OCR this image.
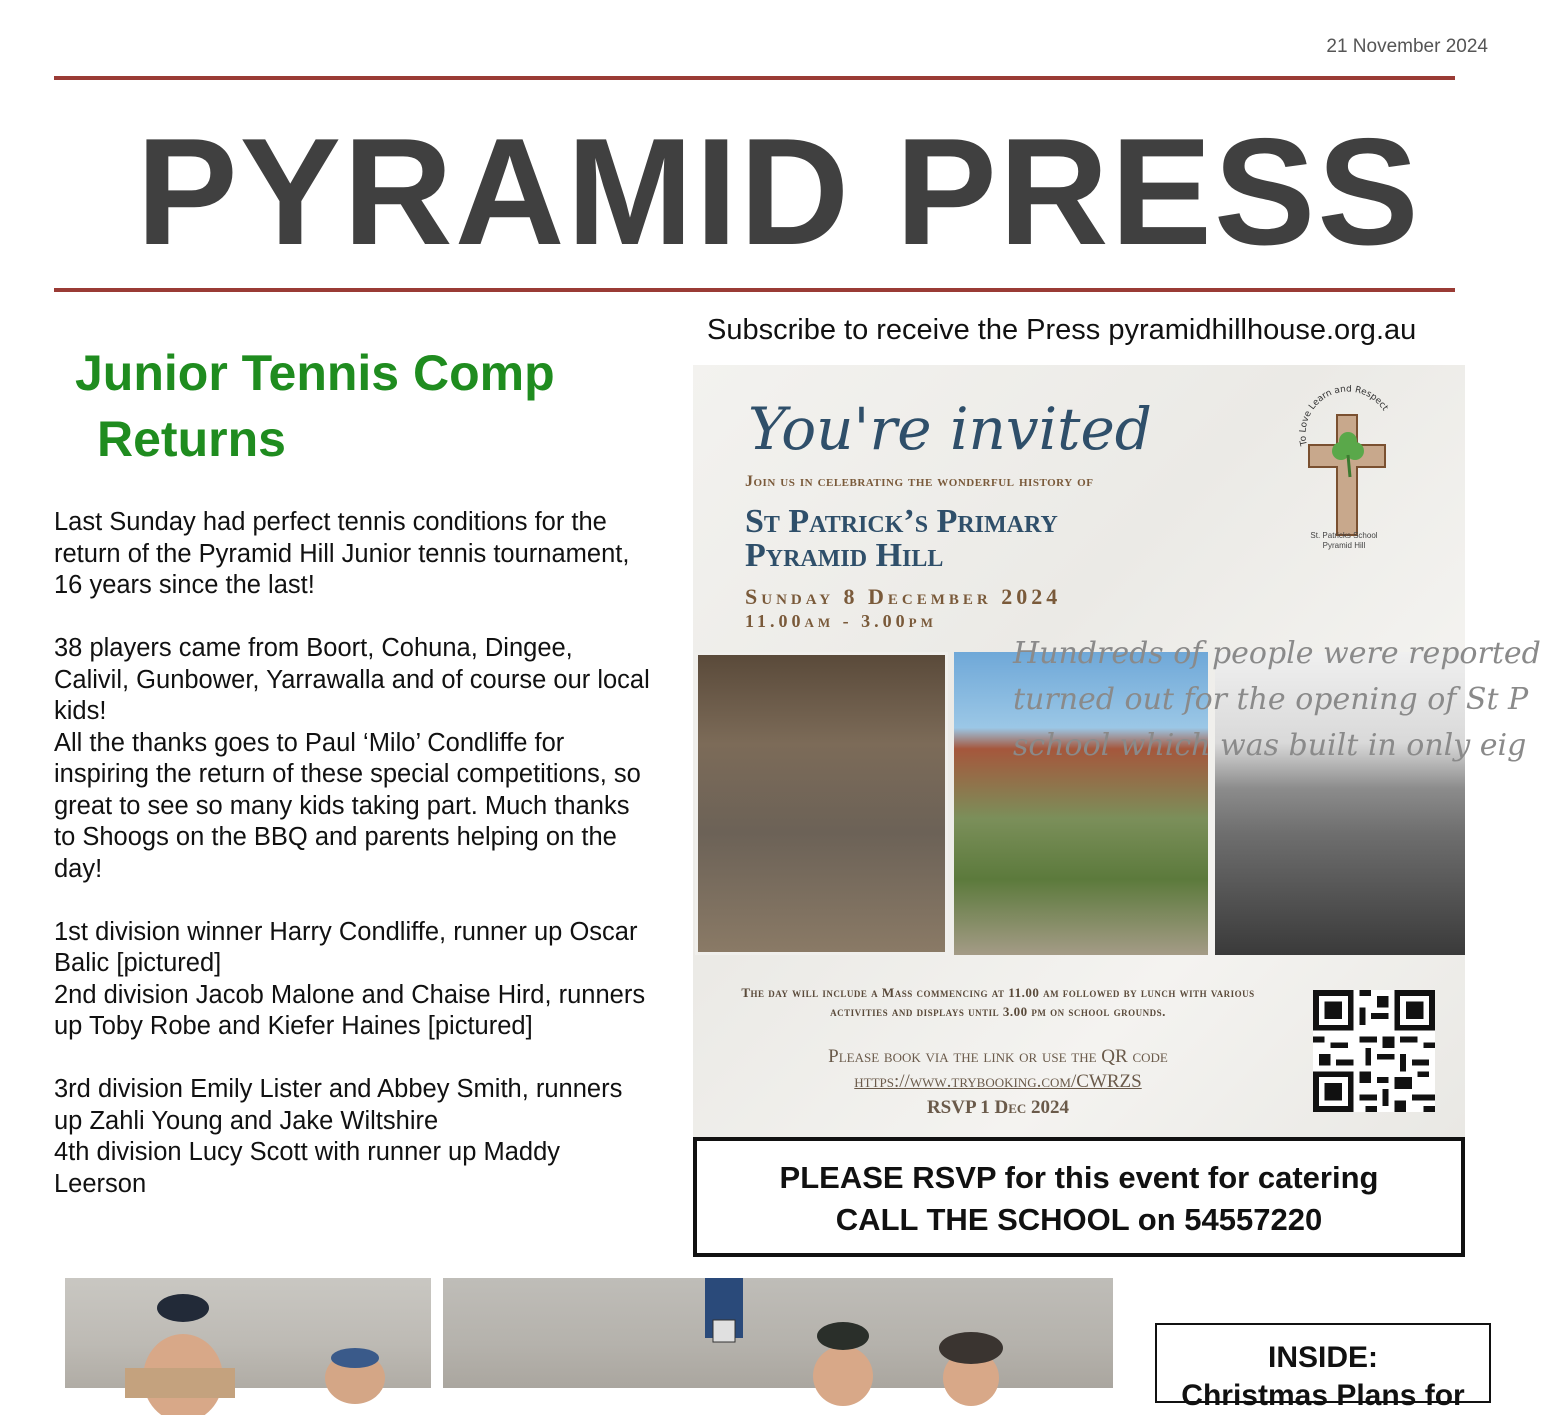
21 November 2024
PYRAMID PRESS
Subscribe to receive the Press pyramidhillhouse.org.au
Junior Tennis Comp
Returns

Last Sunday had perfect tennis conditions for the return of the Pyramid Hill Junior tennis tournament, 16 years since the last!

38 players came from Boort, Cohuna, Dingee, Calivil, Gunbower, Yarrawalla and of course our local kids!

All the thanks goes to Paul ‘Milo’ Condliffe for inspiring the return of these special competitions, so great to see so many kids taking part. Much thanks to Shoogs on the BBQ and parents helping on the day!

1st division winner Harry Condliffe, runner up Oscar Balic [pictured]

2nd division Jacob Malone and Chaise Hird, runners up Toby Robe and Kiefer Haines [pictured]

3rd division Emily Lister and Abbey Smith, runners up Zahli Young and Jake Wiltshire

4th division Lucy Scott with runner up Maddy Leerson

You're invited
Join us in celebrating the wonderful history of
St Patrick’s Primary
Pyramid Hill
Sunday 8 December 2024
11.00am - 3.00pm
To Love Learn and Respect
St. Patricks School
Pyramid Hill
Hundreds of people were reported
turned out for the opening of St P
school which was built in only eig
The day will include a Mass commencing at 11.00 am followed by lunch with various activities and displays until 3.00 pm on school grounds.
Please book via the link or use the QR code
https://www.trybooking.com/CWRZS
RSVP 1 Dec 2024
PLEASE RSVP for this event for catering
CALL THE SCHOOL on 54557220
INSIDE:
Christmas Plans for
